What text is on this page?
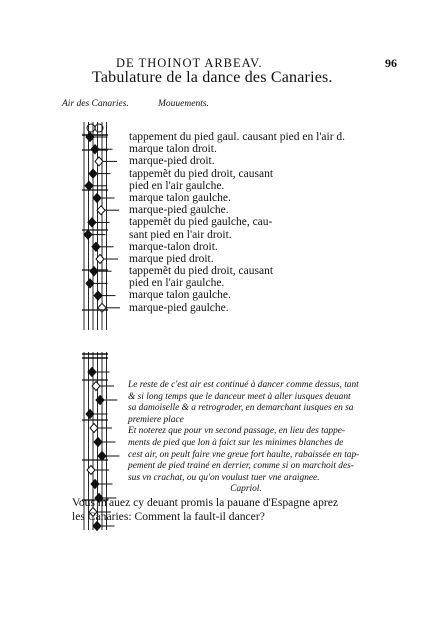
DE THOINOT ARBEAV.	96
Tabulature de la dance des Canaries.
Air des Canaries.	Mouuements.
tappement du pied gaul. causant pied en l'air d.
marque talon droit.
marque-pied droit.
tappemẽt du pied droit, causant
pied en l'air gaulche.
marque talon gaulche.
marque-pied gaulche.
tappemẽt du pied gaulche, cau-
sant pied en l'air droit.
marque-talon droit.
marque pied droit.
tappemẽt du pied droit, causant
pied en l'air gaulche.
marque talon gaulche.
marque-pied gaulche.
Le reste de c'est air est continué à dancer comme dessus, tant
& si long temps que le danceur meet à aller iusques deuant
sa damoiselle & a retrograder, en demarchant iusques en sa
premiere place
Et noterez que pour vn second passage, en lieu des tappe-
ments de pied que lon à faict sur les minimes blanches de
cest air, on peult faire vne greue fort haulte, rabaissée en tap-
pement de pied trainé en derrier, comme si on marchoit des-
sus vn crachat, ou qu'on voulust tuer vne araignee.
Capriol.
Vous m'auez cy deuant promis la pauane d'Espagne aprez
les Canaries: Comment la fault-il dancer?
